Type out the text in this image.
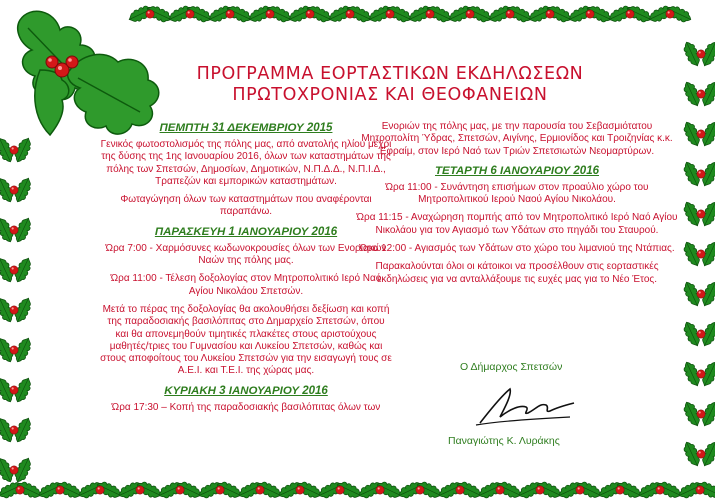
ΠΡΟΓΡΑΜΜΑ ΕΟΡΤΑΣΤΙΚΩΝ ΕΚΔΗΛΩΣΕΩΝ
ΠΡΩΤΟΧΡΟΝΙΑΣ ΚΑΙ ΘΕΟΦΑΝΕΙΩΝ
ΠΕΜΠΤΗ 31 ΔΕΚΕΜΒΡΙΟΥ 2015

Γενικός φωτοστολισμός της πόλης μας, από ανατολής ηλίου μέχρι της δύσης της 1ης Ιανουαρίου 2016, όλων των καταστημάτων της πόλης των Σπετσών, Δημοσίων, Δημοτικών, Ν.Π.Δ.Δ., Ν.Π.Ι.Δ., Τραπεζών και εμπορικών καταστημάτων.

Φωταγώγηση όλων των καταστημάτων που αναφέρονται παραπάνω.

ΠΑΡΑΣΚΕΥΗ 1 ΙΑΝΟΥΑΡΙΟΥ 2016

Ώρα 7:00 - Χαρμόσυνες κωδωνοκρουσίες όλων των Ενοριακών Ναών της πόλης μας.

Ώρα 11:00 - Τέλεση δοξολογίας στον Μητροπολιτικό Ιερό Ναό Αγίου Νικολάου Σπετσών.

Μετά το πέρας της δοξολογίας θα ακολουθήσει δεξίωση και κοπή της παραδοσιακής βασιλόπιτας στο Δημαρχείο Σπετσών, όπου και θα απονεμηθούν τιμητικές πλακέτες στους αριστούχους μαθητές/τριες του Γυμνασίου και Λυκείου Σπετσών, καθώς και στους αποφοίτους του Λυκείου Σπετσών για την εισαγωγή τους σε Α.Ε.Ι. και Τ.Ε.Ι. της χώρας μας.

ΚΥΡΙΑΚΗ 3 ΙΑΝΟΥΑΡΙΟΥ 2016

Ώρα 17:30 – Κοπή της παραδοσιακής βασιλόπιτας όλων των

Ενοριών της πόλης μας, με την παρουσία του Σεβασμιότατου Μητροπολίτη Ύδρας, Σπετσών, Αιγίνης, Ερμιονίδος και Τροιζηνίας κ.κ. Εφραίμ, στον Ιερό Ναό των Τριών Σπετσιωτών Νεομαρτύρων.

ΤΕΤΑΡΤΗ 6 ΙΑΝΟΥΑΡΙΟΥ 2016

Ώρα 11:00 - Συνάντηση επισήμων στον προαύλιο χώρο του Μητροπολιτικού Ιερού Ναού Αγίου Νικολάου.

Ώρα 11:15 - Αναχώρηση πομπής από τον Μητροπολιτικό Ιερό Ναό Αγίου Νικολάου για τον Αγιασμό των Υδάτων στο πηγάδι του Σταυρού.

Ώρα 12:00 - Αγιασμός των Υδάτων στο χώρο του λιμανιού της Ντάπιας.

Παρακαλούνται όλοι οι κάτοικοι να προσέλθουν στις εορταστικές εκδηλώσεις για να ανταλλάξουμε τις ευχές μας για το Νέο Έτος.

Ο Δήμαρχος Σπετσών
Παναγιώτης Κ. Λυράκης
